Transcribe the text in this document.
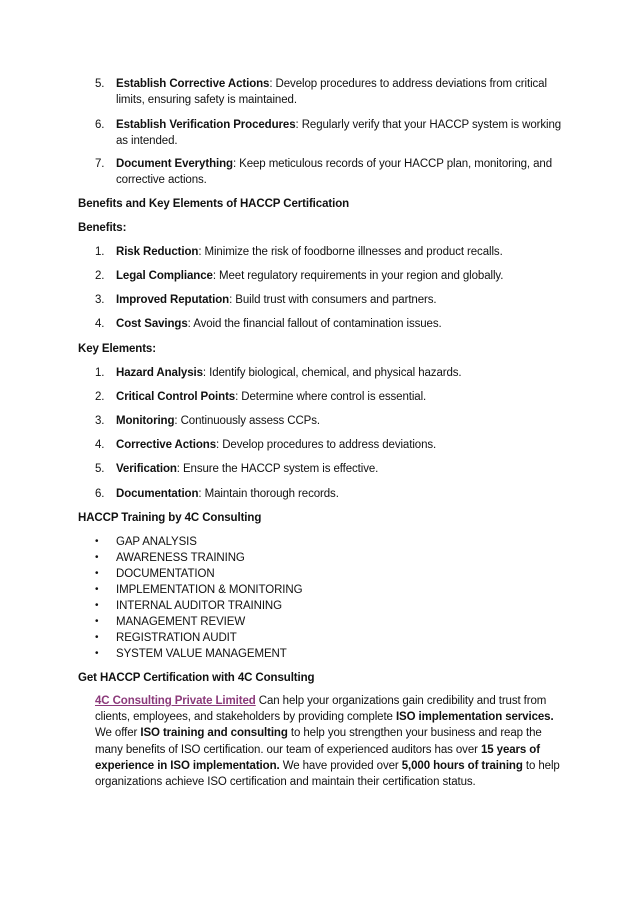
5. Establish Corrective Actions: Develop procedures to address deviations from critical limits, ensuring safety is maintained.
6. Establish Verification Procedures: Regularly verify that your HACCP system is working as intended.
7. Document Everything: Keep meticulous records of your HACCP plan, monitoring, and corrective actions.
Benefits and Key Elements of HACCP Certification
Benefits:
1. Risk Reduction: Minimize the risk of foodborne illnesses and product recalls.
2. Legal Compliance: Meet regulatory requirements in your region and globally.
3. Improved Reputation: Build trust with consumers and partners.
4. Cost Savings: Avoid the financial fallout of contamination issues.
Key Elements:
1. Hazard Analysis: Identify biological, chemical, and physical hazards.
2. Critical Control Points: Determine where control is essential.
3. Monitoring: Continuously assess CCPs.
4. Corrective Actions: Develop procedures to address deviations.
5. Verification: Ensure the HACCP system is effective.
6. Documentation: Maintain thorough records.
HACCP Training by 4C Consulting
• GAP ANALYSIS
• AWARENESS TRAINING
• DOCUMENTATION
• IMPLEMENTATION & MONITORING
• INTERNAL AUDITOR TRAINING
• MANAGEMENT REVIEW
• REGISTRATION AUDIT
• SYSTEM VALUE MANAGEMENT
Get HACCP Certification with 4C Consulting
4C Consulting Private Limited Can help your organizations gain credibility and trust from clients, employees, and stakeholders by providing complete ISO implementation services. We offer ISO training and consulting to help you strengthen your business and reap the many benefits of ISO certification. our team of experienced auditors has over 15 years of experience in ISO implementation. We have provided over 5,000 hours of training to help organizations achieve ISO certification and maintain their certification status.
